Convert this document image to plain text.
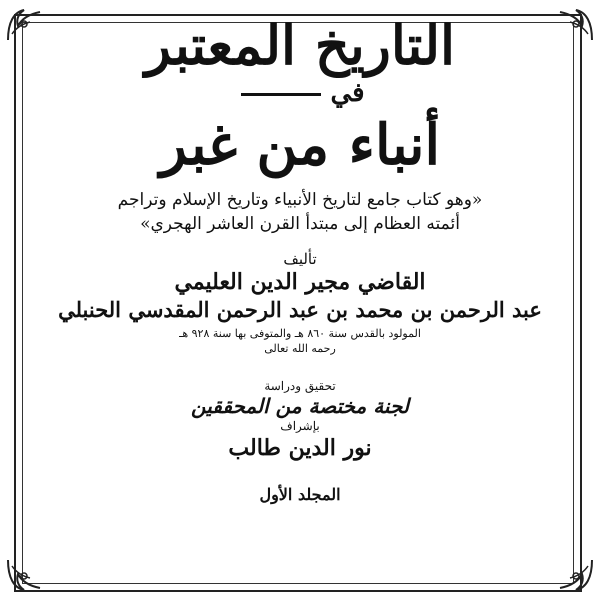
التاريخ المعتبر
في
أنباء من غبر
«وهو كتاب جامع لتاريخ الأنبياء وتاريخ الإسلام وتراجم
أئمته العظام إلى مبتدأ القرن العاشر الهجري»
تأليف
القاضي مجير الدين العليمي
عبد الرحمن بن محمد بن عبد الرحمن المقدسي الحنبلي
المولود بالقدس سنة ٨٦٠ هـ والمتوفى بها سنة ٩٢٨ هـ
رحمه الله تعالى
تحقيق ودراسة
لجنة مختصة من المحققين
بإشراف
نور الدين طالب
المجلد الأول
